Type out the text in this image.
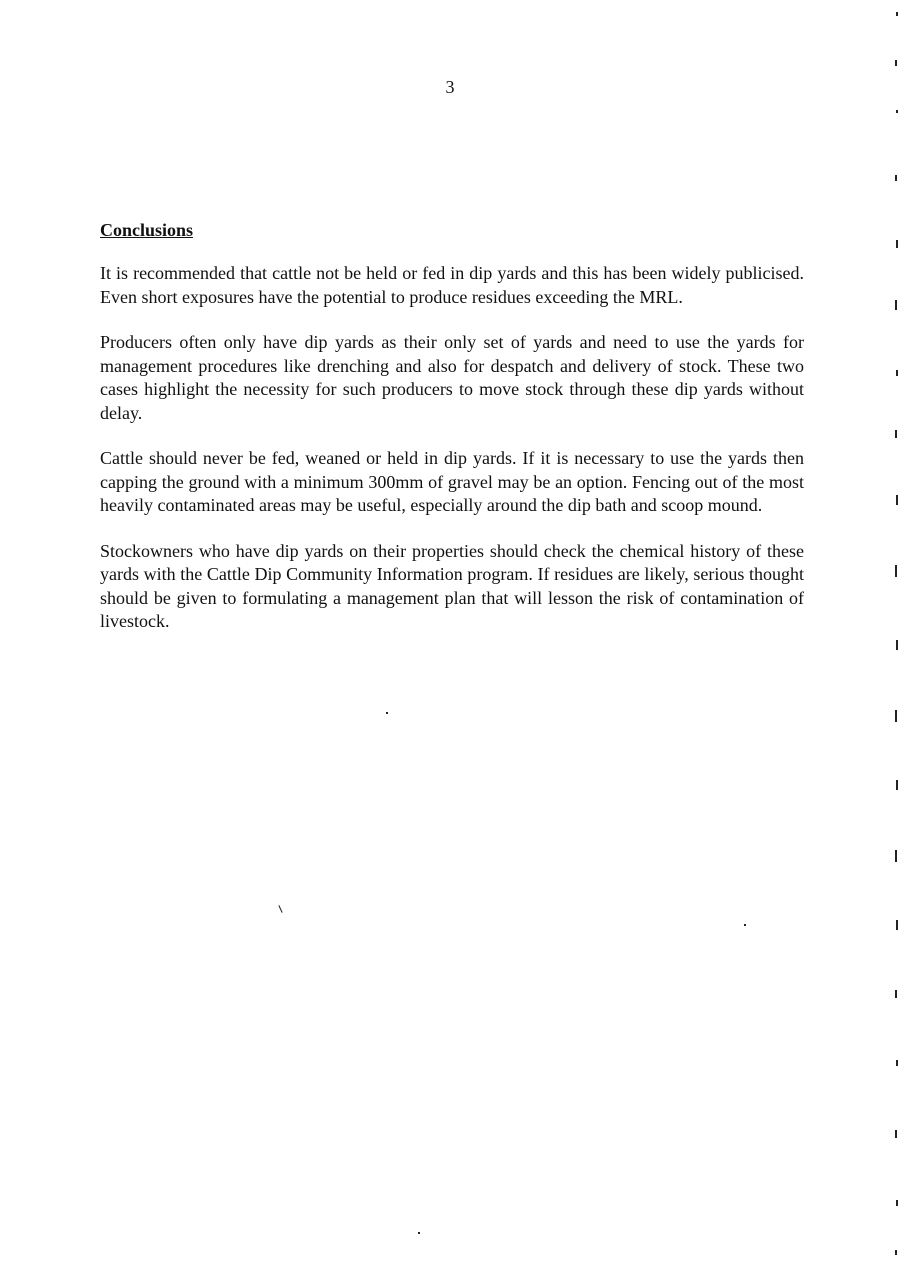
3
Conclusions

It is recommended that cattle not be held or fed in dip yards and this has been widely publicised. Even short exposures have the potential to produce residues exceeding the MRL.

Producers often only have dip yards as their only set of yards and need to use the yards for management procedures like drenching and also for despatch and delivery of stock. These two cases highlight the necessity for such producers to move stock through these dip yards without delay.

Cattle should never be fed, weaned or held in dip yards. If it is necessary to use the yards then capping the ground with a minimum 300mm of gravel may be an option. Fencing out of the most heavily contaminated areas may be useful, especially around the dip bath and scoop mound.

Stockowners who have dip yards on their properties should check the chemical history of these yards with the Cattle Dip Community Information program. If residues are likely, serious thought should be given to formulating a management plan that will lesson the risk of contamination of livestock.
